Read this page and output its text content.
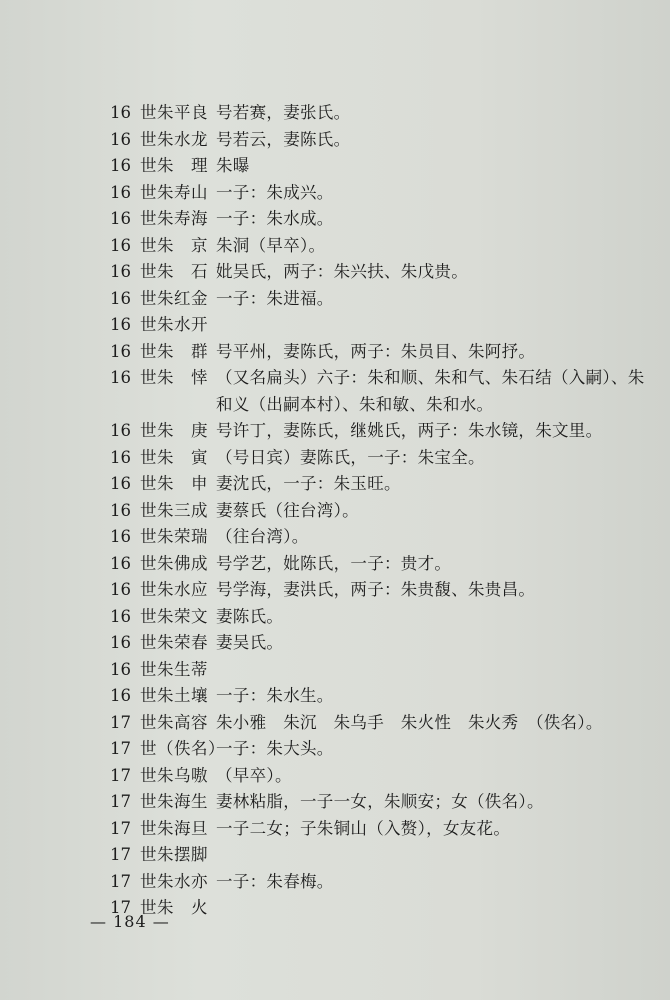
16 世朱平良 号若赛，妻张氏。
16 世朱水龙 号若云，妻陈氏。
16 世朱　理 朱曝
16 世朱寿山 一子：朱成兴。
16 世朱寿海 一子：朱水成。
16 世朱　京 朱洞（早卒）。
16 世朱　石 妣吴氏，两子：朱兴扶、朱戊贵。
16 世朱红金 一子：朱进福。
16 世朱水开
16 世朱　群 号平州，妻陈氏，两子：朱员目、朱阿抒。
16 世朱　悻 （又名扁头）六子：朱和顺、朱和气、朱石结（入嗣）、朱和义（出嗣本村）、朱和敏、朱和水。
16 世朱　庚 号许丁，妻陈氏，继姚氏，两子：朱水镜，朱文里。
16 世朱　寅 （号日宾）妻陈氏，一子：朱宝全。
16 世朱　申 妻沈氏，一子：朱玉旺。
16 世朱三成 妻蔡氏（往台湾）。
16 世朱荣瑞 （往台湾）。
16 世朱佛成 号学艺，妣陈氏，一子：贵才。
16 世朱水应 号学海，妻洪氏，两子：朱贵馥、朱贵昌。
16 世朱荣文 妻陈氏。
16 世朱荣春 妻吴氏。
16 世朱生蒂
16 世朱土壤 一子：朱水生。
17 世朱高容 朱小雅　朱沉　朱乌手　朱火性　朱火秀　（佚名）。
17 世（佚名）
一子：朱大头。
17 世朱乌嗷 （早卒）。
17 世朱海生 妻林粘脂，一子一女，朱顺安；女（佚名）。
17 世朱海旦 一子二女；子朱铜山（入赘），女友花。
17 世朱摆脚
17 世朱水亦 一子：朱春梅。
17 世朱　火
— 184 —
